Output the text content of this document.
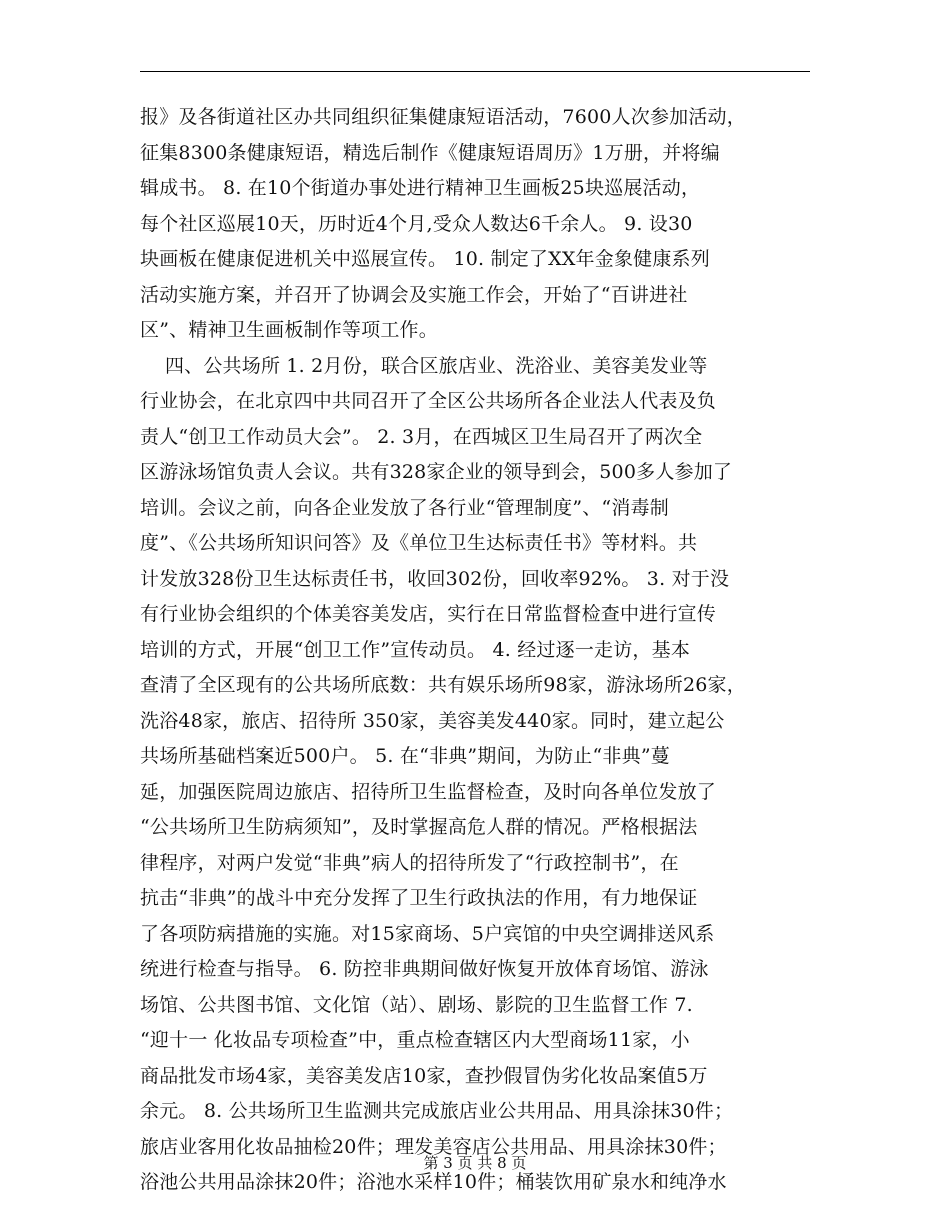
报》及各街道社区办共同组织征集健康短语活动，7600人次参加活动，
征集8300条健康短语，精选后制作《健康短语周历》1万册，并将编
辑成书。 8. 在10个街道办事处进行精神卫生画板25块巡展活动，
每个社区巡展10天，历时近4个月,受众人数达6千余人。 9. 设30
块画板在健康促进机关中巡展宣传。 10. 制定了XX年金象健康系列
活动实施方案，并召开了协调会及实施工作会，开始了“百讲进社
区”、精神卫生画板制作等项工作。
四、公共场所 1. 2月份，联合区旅店业、洗浴业、美容美发业等
行业协会，在北京四中共同召开了全区公共场所各企业法人代表及负
责人“创卫工作动员大会”。 2. 3月，在西城区卫生局召开了两次全
区游泳场馆负责人会议。共有328家企业的领导到会，500多人参加了
培训。会议之前，向各企业发放了各行业“管理制度”、“消毒制
度”、《公共场所知识问答》及《单位卫生达标责任书》等材料。共
计发放328份卫生达标责任书，收回302份，回收率92%。 3. 对于没
有行业协会组织的个体美容美发店，实行在日常监督检查中进行宣传
培训的方式，开展“创卫工作”宣传动员。 4. 经过逐一走访，基本
查清了全区现有的公共场所底数：共有娱乐场所98家，游泳场所26家，
洗浴48家，旅店、招待所 350家，美容美发440家。同时，建立起公
共场所基础档案近500户。 5. 在“非典”期间，为防止“非典”蔓
延，加强医院周边旅店、招待所卫生监督检查，及时向各单位发放了
“公共场所卫生防病须知”，及时掌握高危人群的情况。严格根据法
律程序，对两户发觉“非典”病人的招待所发了“行政控制书”，在
抗击“非典”的战斗中充分发挥了卫生行政执法的作用，有力地保证
了各项防病措施的实施。对15家商场、5户宾馆的中央空调排送风系
统进行检查与指导。 6. 防控非典期间做好恢复开放体育场馆、游泳
场馆、公共图书馆、文化馆（站）、剧场、影院的卫生监督工作 7.
“迎十一 化妆品专项检查”中，重点检查辖区内大型商场11家，小
商品批发市场4家，美容美发店10家，查抄假冒伪劣化妆品案值5万
余元。 8. 公共场所卫生监测共完成旅店业公共用品、用具涂抹30件；
旅店业客用化妆品抽检20件；理发美容店公共用品、用具涂抹30件；
浴池公共用品涂抹20件；浴池水采样10件；桶装饮用矿泉水和纯净水
第 3 页 共 8 页
